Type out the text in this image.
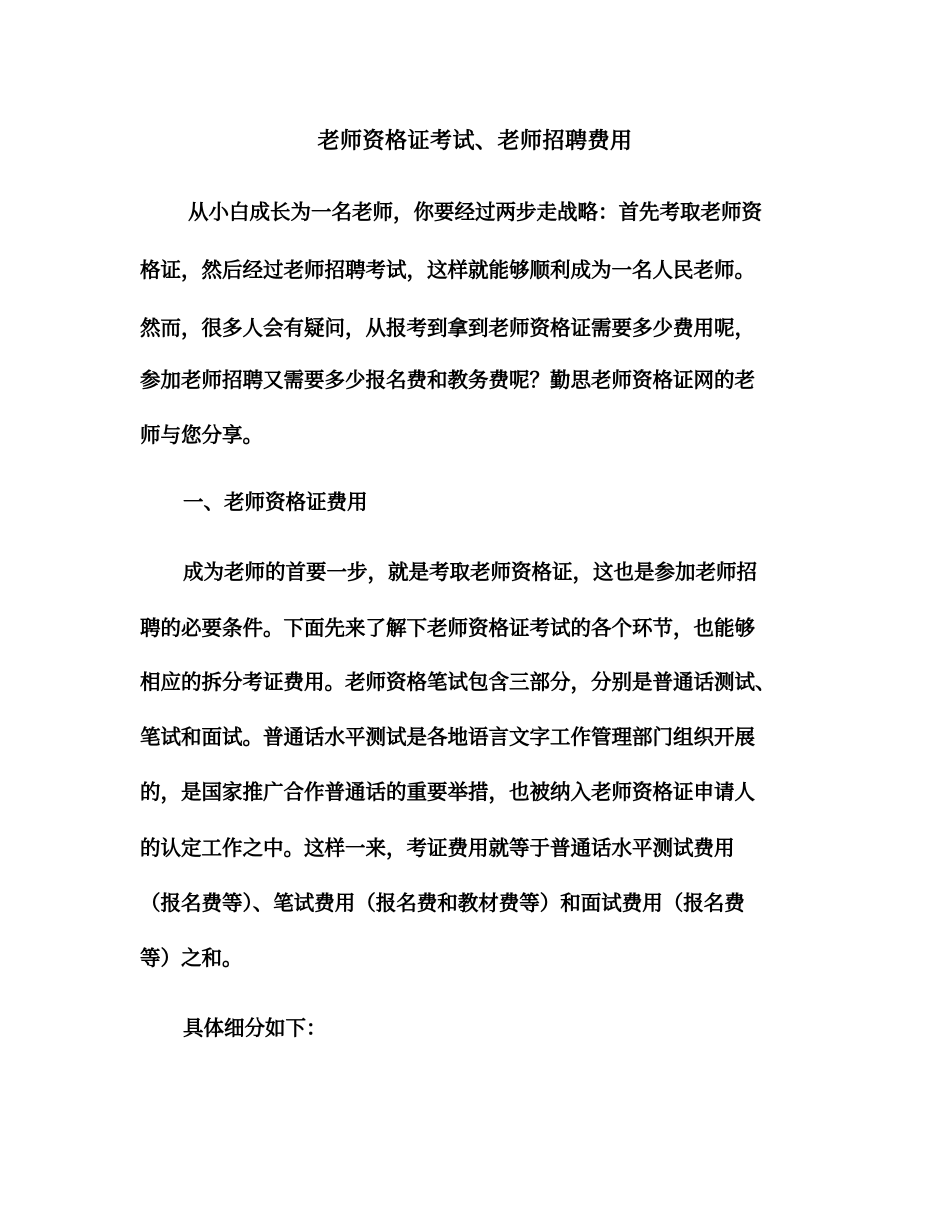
老师资格证考试、老师招聘费用

从小白成长为一名老师，你要经过两步走战略：首先考取老师资

格证，然后经过老师招聘考试，这样就能够顺利成为一名人民老师。

然而，很多人会有疑问，从报考到拿到老师资格证需要多少费用呢，

参加老师招聘又需要多少报名费和教务费呢？勤思老师资格证网的老

师与您分享。

一、老师资格证费用

成为老师的首要一步，就是考取老师资格证，这也是参加老师招

聘的必要条件。下面先来了解下老师资格证考试的各个环节，也能够

相应的拆分考证费用。老师资格笔试包含三部分，分别是普通话测试、

笔试和面试。普通话水平测试是各地语言文字工作管理部门组织开展

的，是国家推广合作普通话的重要举措，也被纳入老师资格证申请人

的认定工作之中。这样一来，考证费用就等于普通话水平测试费用

（报名费等）、笔试费用（报名费和教材费等）和面试费用（报名费

等）之和。

具体细分如下：
